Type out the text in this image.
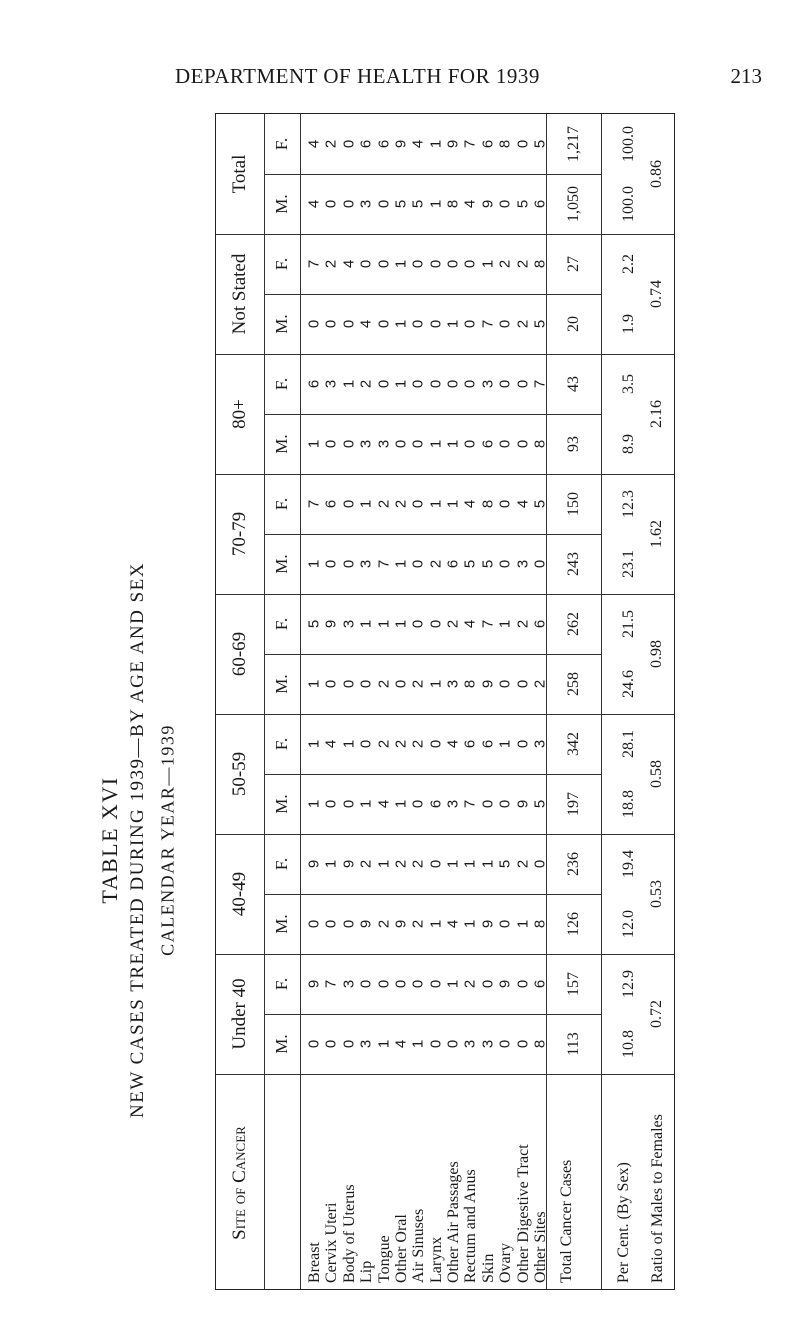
DEPARTMENT OF HEALTH FOR 1939	213
TABLE XVI NEW CASES TREATED DURING 1939—BY AGE AND SEX CALENDAR YEAR—1939
Total
F. 4 2 0 6 6 9 4 1 9 7 6 8 0 5 1,217 100.0
M. 4 0 0 3 0 5 5 1 8 4 9 0 5 6 1,050 100.0
0.86
Not Stated F. 7 2 4 0 0 1 0 0 0 0 1 2 2 8 27 2.2
M. 0 0 0 4 0 1 0 0 1 0 7 0 2 5 20 1.9
0.74
80+
F. 6 3 1 2 0 1 0 0 0 0 3 0 0 7 43 3.5
M. 1 0 0 3 3 0 0 1 1 0 6 0 0 8 93 8.9
2.16
70-79
F. 7 6 0 1 2 2 0 1 1 4 8 0 4 5 150 12.3
M. 1 0 0 3 7 1 0 2 6 5 5 0 3 0 243 23.1
1.62
60-69
F. 5 9 3 1 1 1 0 0 2 4 7 1 2 6 262 21.5
M. 1 0 0 0 2 0 2 1 3 8 9 0 0 2 258 24.6
0.98
50-59
F. 1 4 1 0 2 2 2 0 4 6 6 1 0 3 342 28.1
M. 1 0 0 1 4 1 0 6 3 7 0 0 9 5 197 18.8
0.58
40-49
F. 9 1 9 2 1 2 2 0 1 1 1 5 2 0 236 19.4
M. 0 0 0 9 2 9 2 1 4 1 9 0 1 8 126 12.0
0.53
Under 40 F. 9 7 3 0 0 0 0 0 1 2 0 9 0 6 157 12.9
M. 0 0 0 3 1 4 1 0 0 3 3 0 0 8 113 10.8
0.72
Site of Cancer
Breast Cervix Uteri Body of Uterus Lip Tongue Other Oral Air Sinuses Larynx Other Air Passages Rectum and Anus Skin Ovary Other Digestive Tract Other Sites Total Cancer Cases	Per Cent. (By Sex) Ratio of Males to Females
